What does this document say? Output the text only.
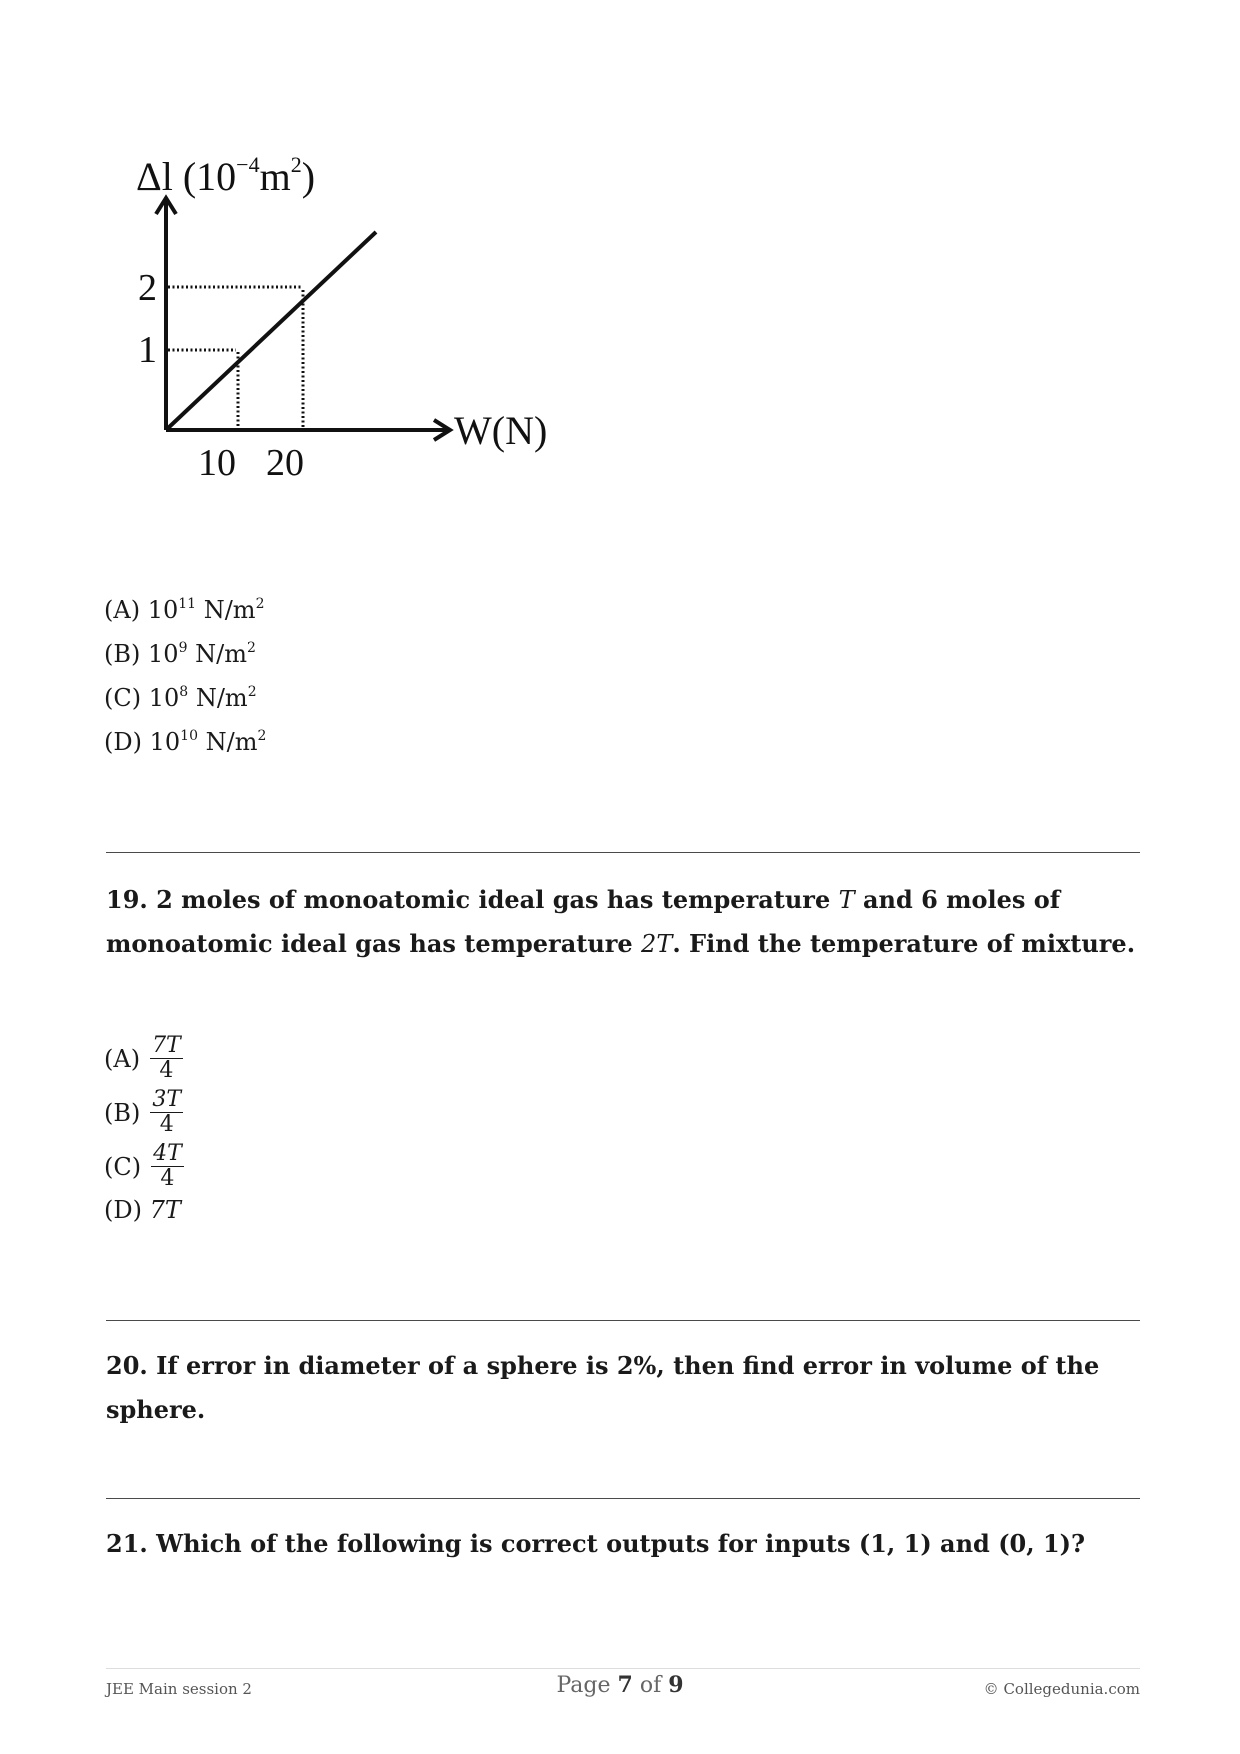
Δl $(10^{-4}m^2)$
W(N)
2
1
10 20
(A) $10^{11}$ $N/m^2$
(B) $10^9$ $N/m^2$
(C) $10^8$ $N/m^2$
(D) $10^{10}$ $N/m^2$
19. 2 moles of monoatomic ideal gas has temperature T and 6 moles of monoatomic ideal gas has temperature 2T. Find the temperature of mixture.
$(A) \frac{7T}{4}$
$(B) \frac{3T}{4}$
$(C) \frac{4T}{4}$
(D) 7T
20. If error in diameter of a sphere is 2%, then find error in volume of the sphere.
21. Which of the following is correct outputs for inputs (1, 1) and (0, 1)?
JEE Main session 2	Page 7 of 9	© Collegedunia.com
